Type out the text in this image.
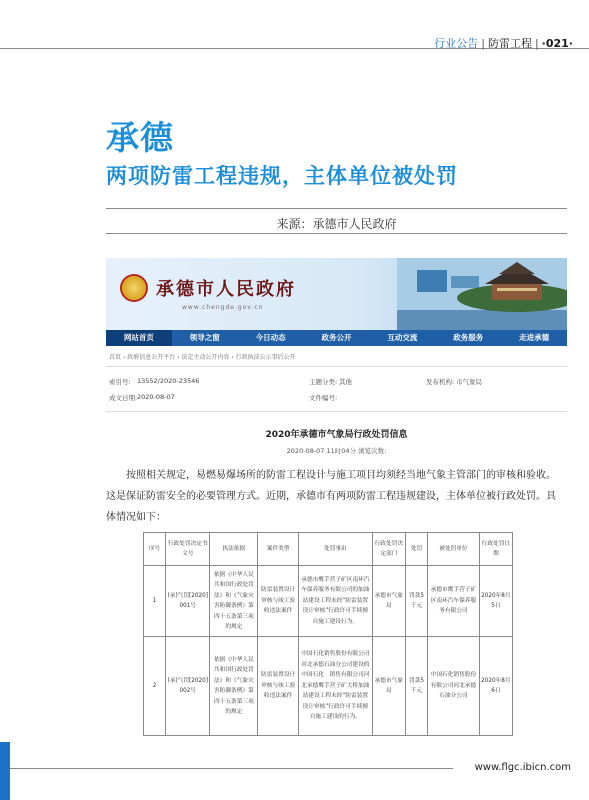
行业公告 | 防雷工程 | ·021·
承德
两项防雷工程违规，主体单位被处罚
来源：承德市人民政府
承德市人民政府
www.chengde.gov.cn
网站首页	领导之窗	今日动态	政务公开	互动交流	政务服务	走进承德
首页 › 政府信息公开平台 › 法定主动公开内容 › 行政执法公示事后公开
索引号: 13552/2020-23546	主题分类: 其他	发布机构: 市气象局
成文日期: 2020-08-07	文件编号:
2020年承德市气象局行政处罚信息
2020-08-07 11时04分 浏览次数:

按照相关规定，易燃易爆场所的防雷工程设计与施工项目均须经当地气象主管部门的审核和验收。这是保证防雷安全的必要管理方式。近期，承德市有两项防雷工程违规建设，主体单位被行政处罚。具体情况如下：

序号	行政处罚决定书文号	执法依据	案件类型	处罚事由	行政处罚决定部门	处罚	被处罚单位	行政处罚日期
1	(承)气罚[2020]001号	依据《中华人民共和国行政处罚法》和《气象灾害防御条例》第四十五条第三项的规定	防雷装置设计审核与竣工验收违法案件	承德市鹰手营子矿区南环汽车保养服务有限公司的加油站建设工程未经“防雷装置设计审核”行政许可手续擅自施工建设行为。	承德市气象局	罚款5千元	承德市鹰手营子矿区南环汽车保养服务有限公司	2020年8月5日
2	(承)气罚[2020]002号	依据《中华人民共和国行政处罚法》和《气象灾害防御条例》第四十五条第三项的规定	防雷装置设计审核与竣工验收违法案件	中国石化销售股份有限公司河北承德石油分公司建设的中国石化　销售有限公司河北承德鹰手营子矿大桥加油站建设工程未经“防雷装置设计审核”行政许可手续擅自施工建设的行为。	承德市气象局	罚款5千元	中国石化销售股份有限公司河北承德石油分公司	2020年8月6日
www.flgc.ibicn.com
